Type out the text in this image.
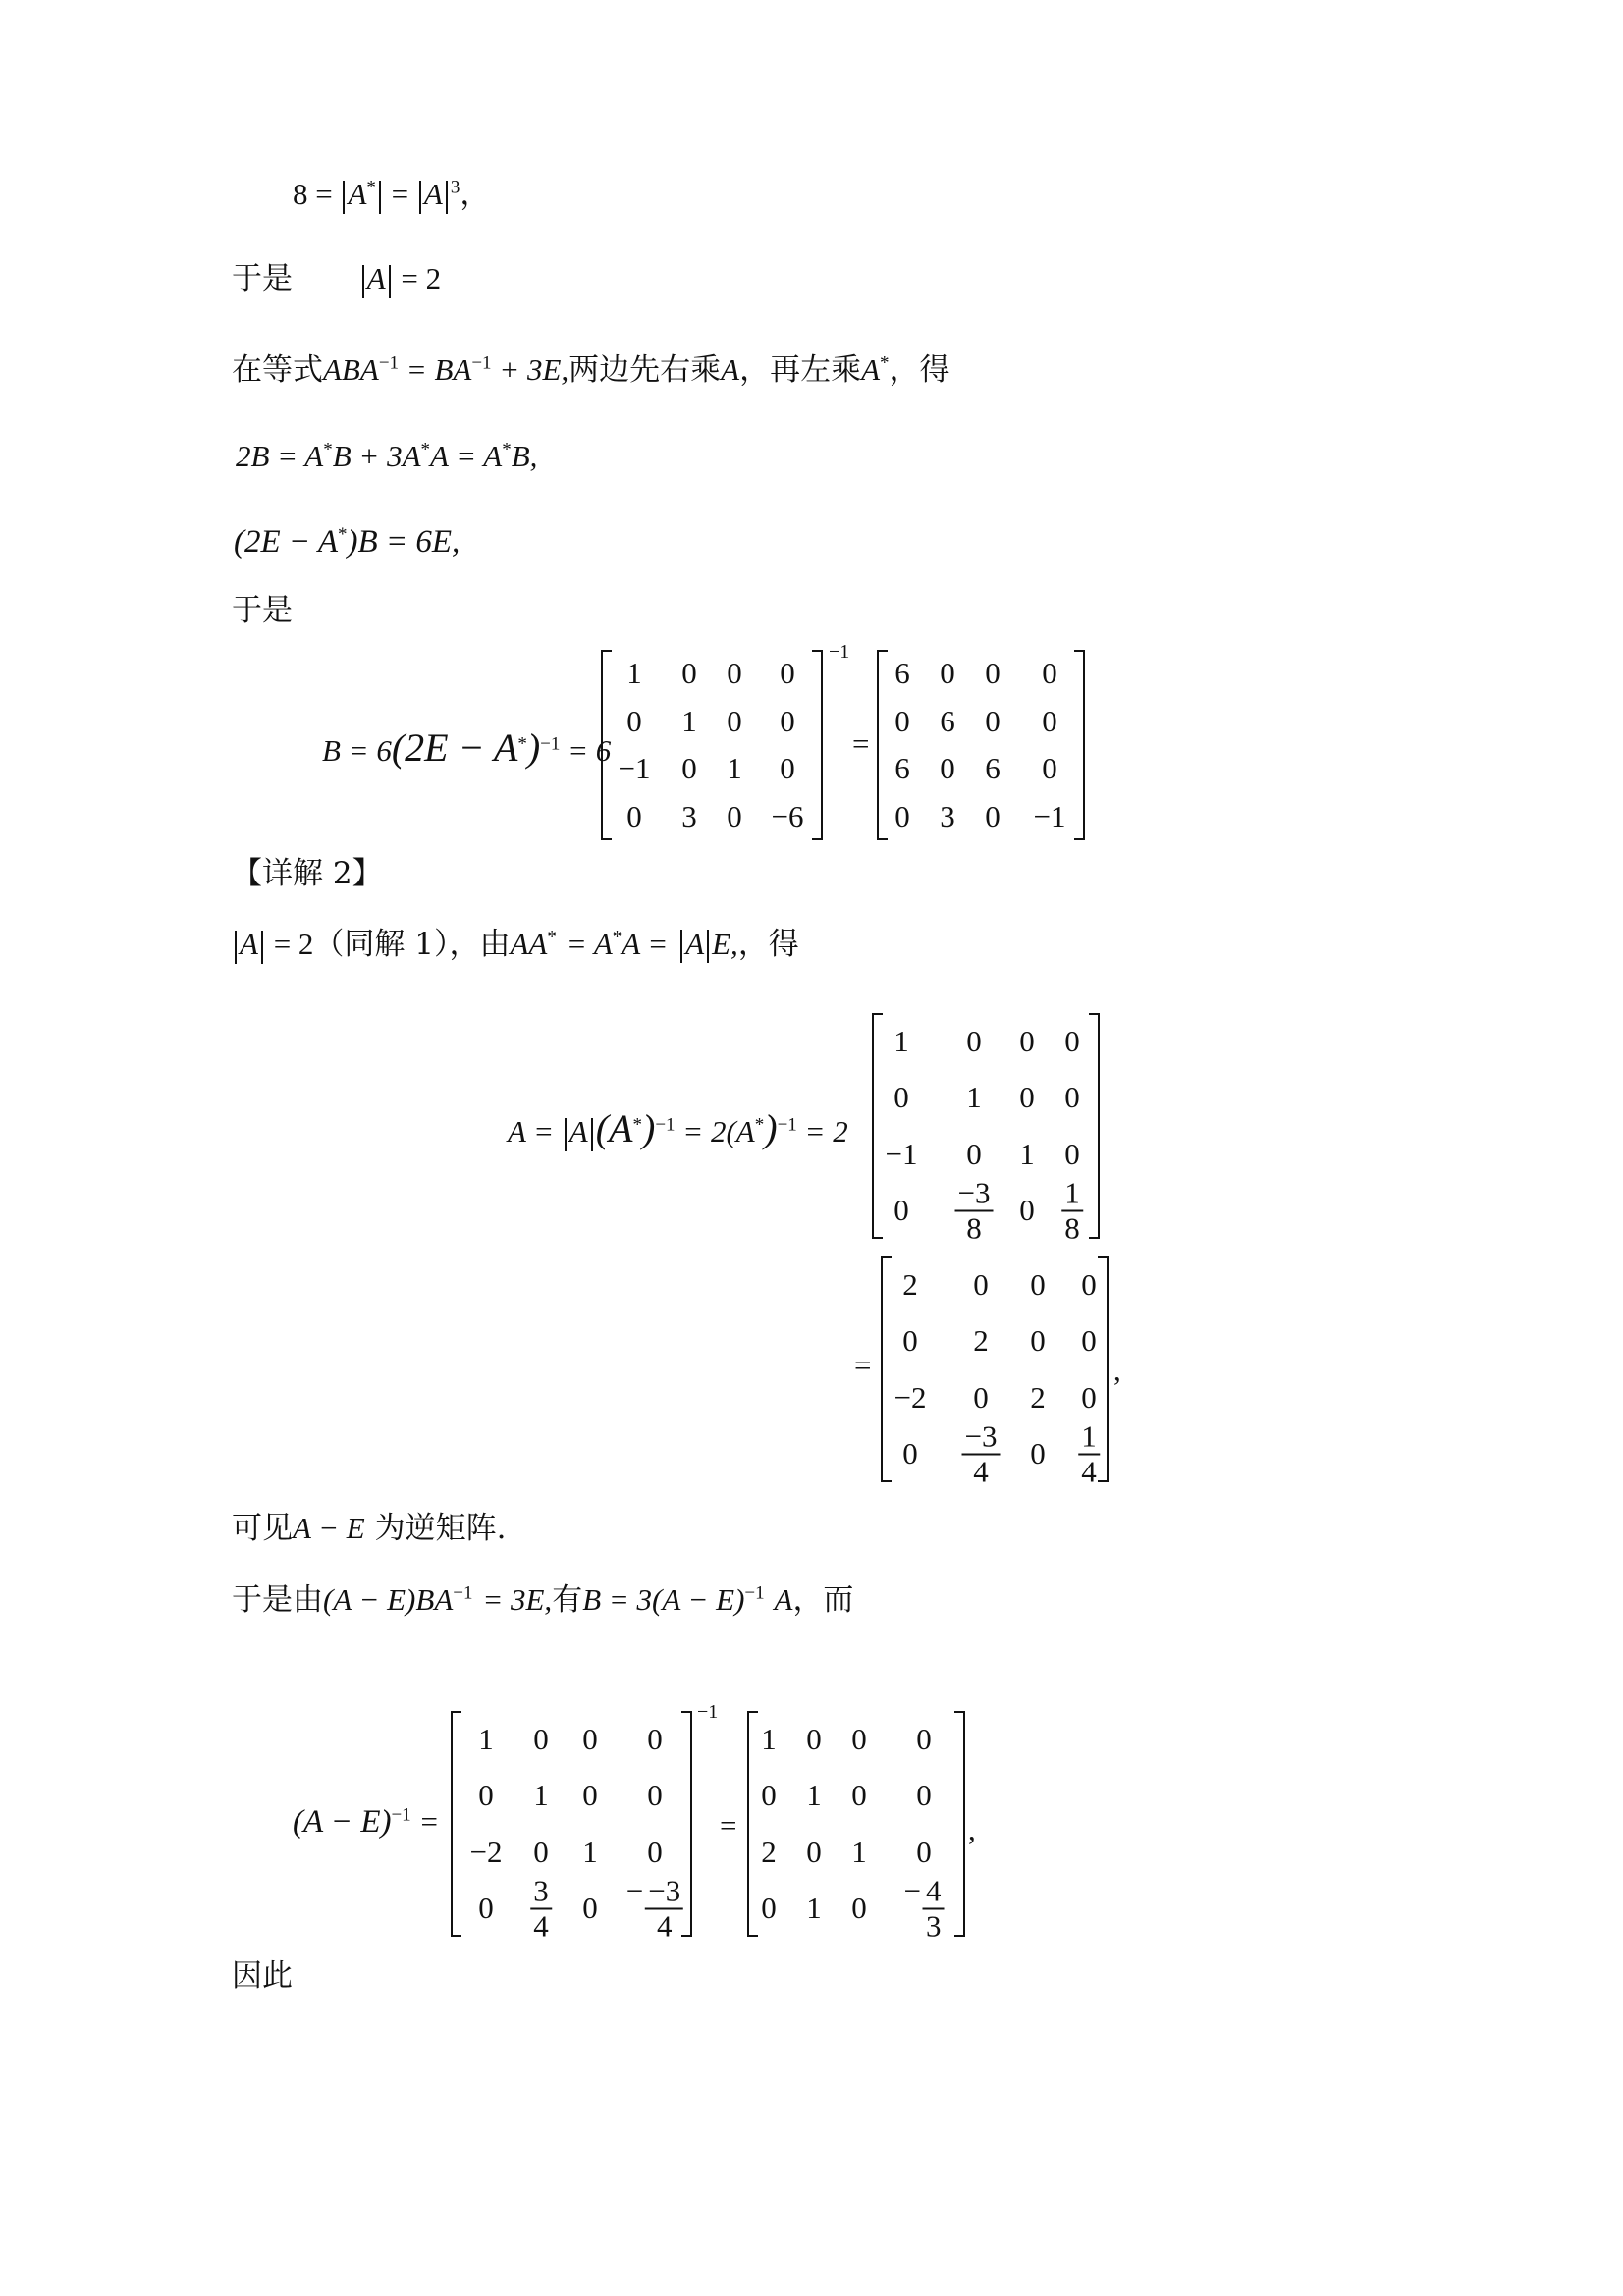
8 = A* = A $^3$，
于是 A = 2
在等式$ABA^{-1} = BA^{-1} + 3E$,两边先右乘A，再左乘A*，得
2B = A*B + 3A*A = A*B,
(2E − A*)B = 6E,
于是
$B = 6(2E - A^*)^{-1} = 6$
1 0 0 0
0 1 0 0
−1 0 1 0
0 3 0 −6
−1
=
6 0 0 0
0 6 0 0
6 0 6 0
0 3 0 −1
【详解 2】
A = 2（同解 1），由AA* = A*A = A E,，得
A = A $(A^*)^{-1} = 2(A^*)^{-1} = 2$
1 0 0 0
0 1 0 0
−1 0 1 0
$0 \frac{-3}{8} 0 \frac{1}{8}$
=
2 0 0 0
0 2 0 0
−2 0 2 0
$0 \frac{-3}{4} 0 \frac{1}{4}$
,
可见A − E 为逆矩阵.
于是由$(A - E)BA^{-1} = 3E$,有$B = 3(A - E)^{-1}$ A，而
$(A - E)^{-1}$ =
1 0 0 0
0 1 0 0
−2 0 1 0
$0 \frac{3}{4} 0 - \frac{-3}{4}$
−1
=
1 0 0 0
0 1 0 0
2 0 1 0
0 1 $0 - \frac{4}{3}$
,
因此
